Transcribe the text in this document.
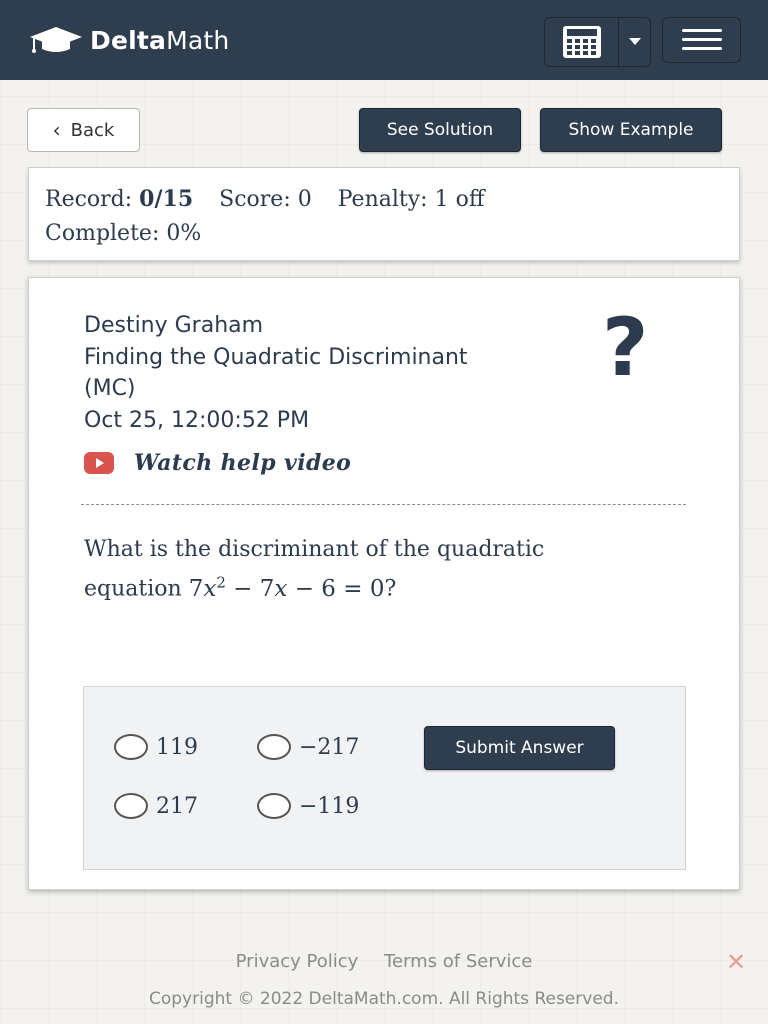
DeltaMath
‹ Back	See Solution	Show Example
Record:
0/15 Score:
0 Penalty:
1 off
Complete:
0%
Destiny Graham
Finding the Quadratic Discriminant
(MC)
Oct 25, 12:00:52 PM
?
Watch help video
What is the discriminant of the quadratic
equation $7x^2 - 7x - 6 = 0$?
119	−217
217	−119
Submit Answer
Privacy Policy Terms of Service	✕
Copyright © 2022 DeltaMath.com. All Rights Reserved.
